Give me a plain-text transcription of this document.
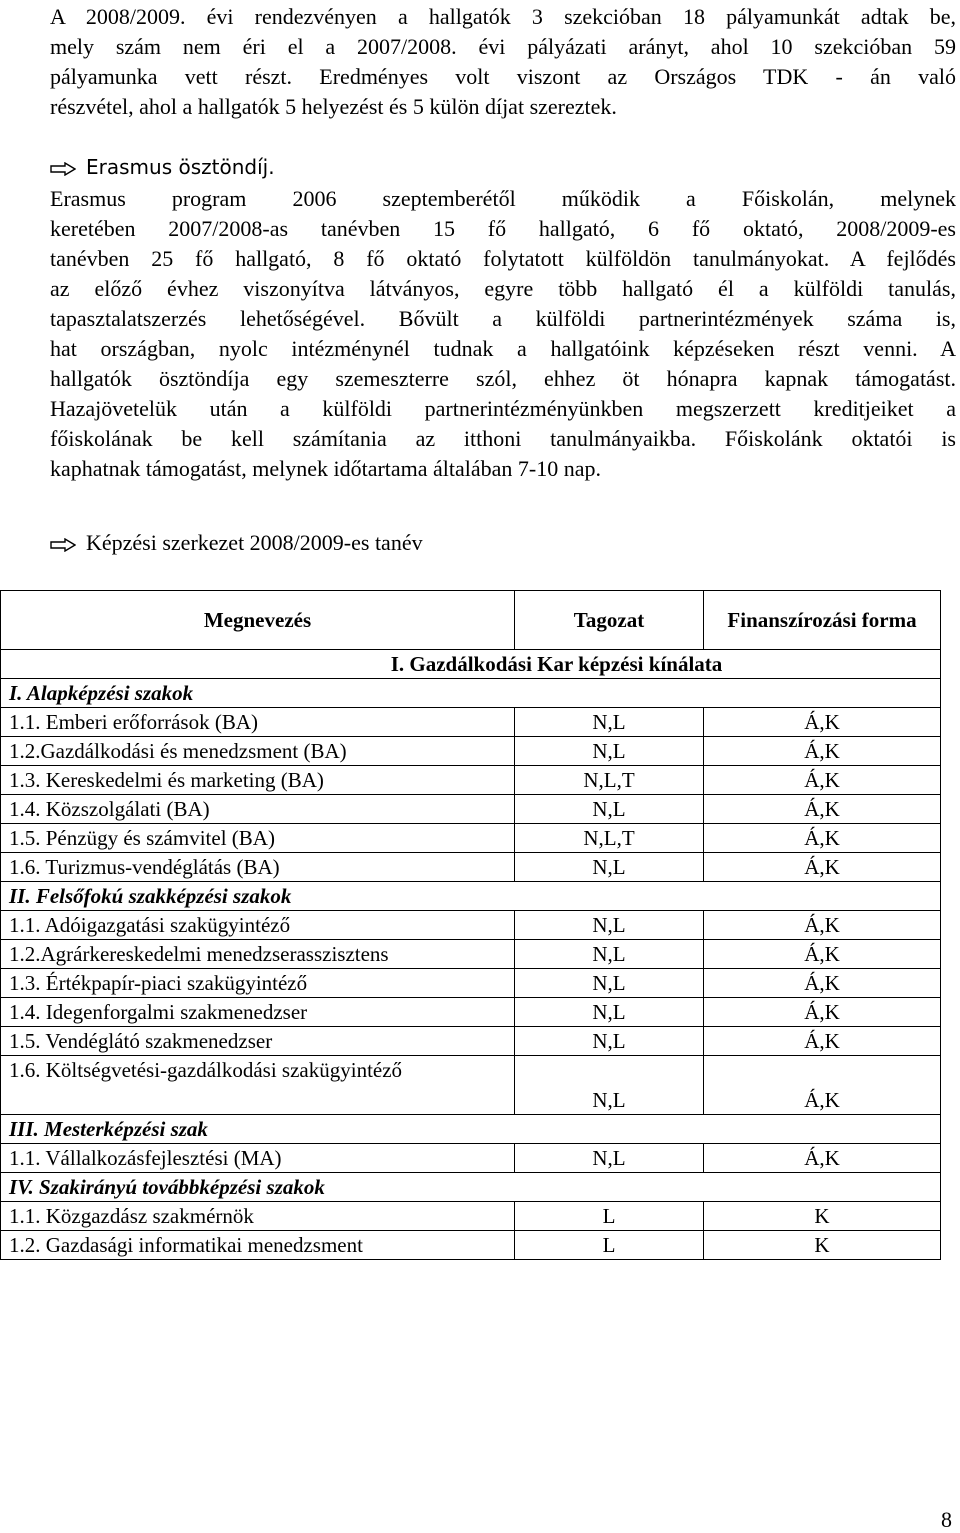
A 2008/2009. évi rendezvényen a hallgatók 3 szekcióban 18 pályamunkát adtak be,
mely szám nem éri el a 2007/2008. évi pályázati arányt, ahol 10 szekcióban 59
pályamunka vett részt. Eredményes volt viszont az Országos TDK - án való
részvétel, ahol a hallgatók 5 helyezést és 5 külön díjat szereztek.
Erasmus ösztöndíj.
Erasmus program 2006 szeptemberétől működik a Főiskolán, melynek
keretében 2007/2008-as tanévben 15 fő hallgató, 6 fő oktató, 2008/2009-es
tanévben 25 fő hallgató, 8 fő oktató folytatott külföldön tanulmányokat. A fejlődés
az előző évhez viszonyítva látványos, egyre több hallgató él a külföldi tanulás,
tapasztalatszerzés lehetőségével. Bővült a külföldi partnerintézmények száma is,
hat országban, nyolc intézménynél tudnak a hallgatóink képzéseken részt venni. A
hallgatók ösztöndíja egy szemeszterre szól, ehhez öt hónapra kapnak támogatást.
Hazajövetelük után a külföldi partnerintézményünkben megszerzett kreditjeiket a
főiskolának be kell számítania az itthoni tanulmányaikba. Főiskolánk oktatói is
kaphatnak támogatást, melynek időtartama általában 7-10 nap.
Képzési szerkezet 2008/2009-es tanév
Megnevezés	Tagozat	Finanszírozási forma
I. Gazdálkodási Kar képzési kínálata		
I. Alapképzési szakok		
1.1. Emberi erőforrások (BA)	N,L	Á,K
1.2.Gazdálkodási és menedzsment (BA)	N,L	Á,K
1.3. Kereskedelmi és marketing (BA)	N,L,T	Á,K
1.4. Közszolgálati (BA)	N,L	Á,K
1.5. Pénzügy és számvitel (BA)	N,L,T	Á,K
1.6. Turizmus-vendéglátás (BA)	N,L	Á,K
II. Felsőfokú szakképzési szakok		
1.1. Adóigazgatási szakügyintéző	N,L	Á,K
1.2.Agrárkereskedelmi menedzserasszisztens	N,L	Á,K
1.3. Értékpapír-piaci szakügyintéző	N,L	Á,K
1.4. Idegenforgalmi szakmenedzser	N,L	Á,K
1.5. Vendéglátó szakmenedzser	N,L	Á,K
1.6. Költségvetési-gazdálkodási szakügyintéző	N,L	Á,K
III. Mesterképzési szak		
1.1. Vállalkozásfejlesztési (MA)	N,L	Á,K
IV. Szakirányú továbbképzési szakok		
1.1. Közgazdász szakmérnök	L	K
1.2. Gazdasági informatikai menedzsment	L	K
8
